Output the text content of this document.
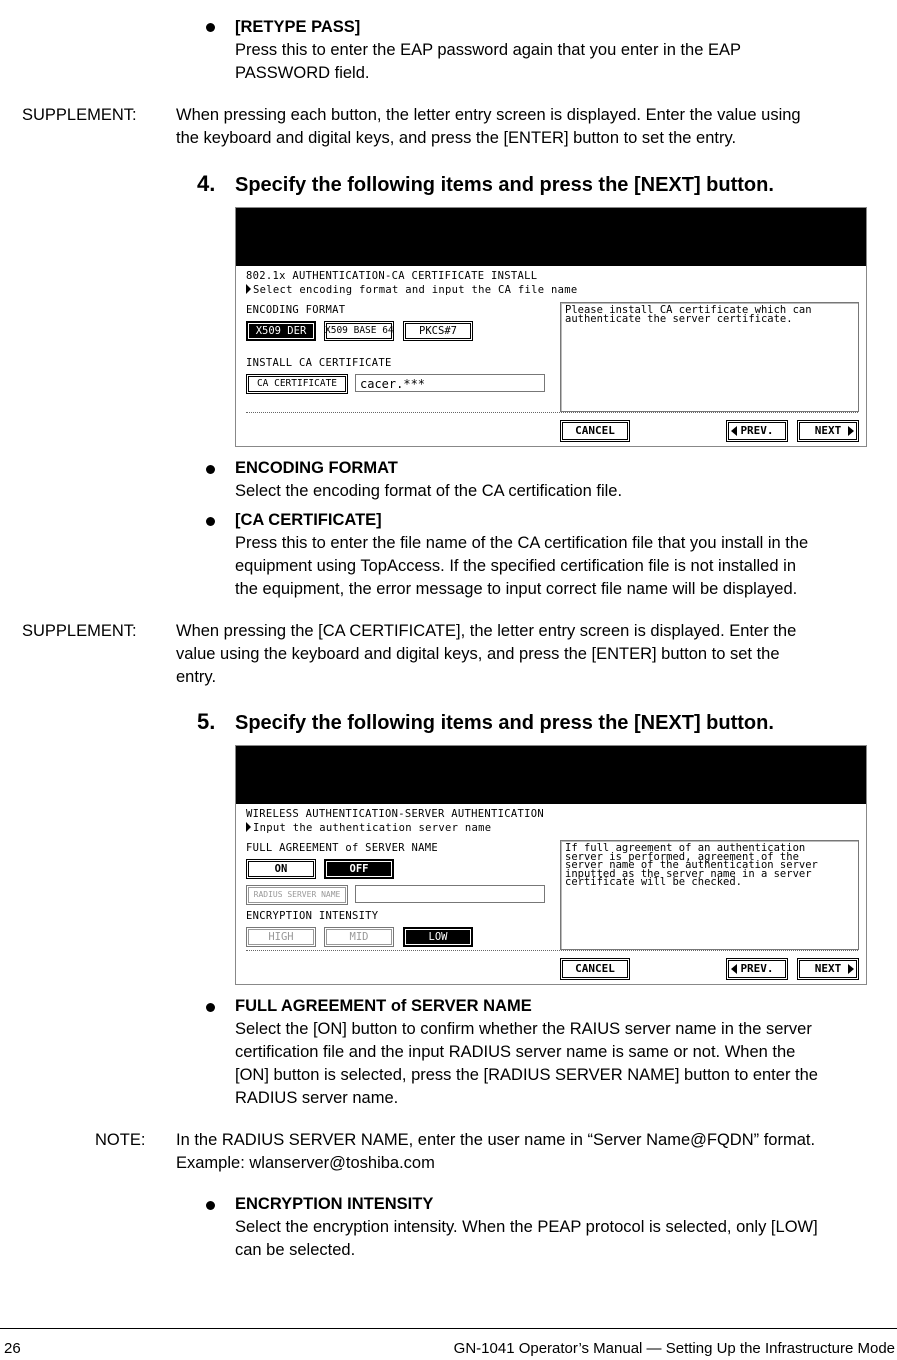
[RETYPE PASS]
Press this to enter the EAP password again that you enter in the EAP
PASSWORD field.
SUPPLEMENT: When pressing each button, the letter entry screen is displayed. Enter the value using
the keyboard and digital keys, and press the [ENTER] button to set the entry.
4. Specify the following items and press the [NEXT] button.
802.1x AUTHENTICATION-CA CERTIFICATE INSTALL
Select encoding format and input the CA file name
ENCODING FORMAT
X509 DER	X509 BASE 64	PKCS#7
INSTALL CA CERTIFICATE
CA CERTIFICATE	cacer.***
Please install CA certificate which can
authenticate the server certificate.
CANCEL	PREV.	NEXT
ENCODING FORMAT
Select the encoding format of the CA certification file.
[CA CERTIFICATE]
Press this to enter the file name of the CA certification file that you install in the
equipment using TopAccess. If the specified certification file is not installed in
the equipment, the error message to input correct file name will be displayed.
SUPPLEMENT: When pressing the [CA CERTIFICATE], the letter entry screen is displayed. Enter the
value using the keyboard and digital keys, and press the [ENTER] button to set the
entry.
5. Specify the following items and press the [NEXT] button.
WIRELESS AUTHENTICATION-SERVER AUTHENTICATION
Input the authentication server name
FULL AGREEMENT of SERVER NAME
ON	OFF
RADIUS SERVER NAME
ENCRYPTION INTENSITY
HIGH	MID	LOW
If full agreement of an authentication
server is performed, agreement of the
server name of the authentication server
inputted as the server name in a server
certificate will be checked.
CANCEL	PREV.	NEXT
FULL AGREEMENT of SERVER NAME
Select the [ON] button to confirm whether the RAIUS server name in the server
certification file and the input RADIUS server name is same or not. When the
[ON] button is selected, press the [RADIUS SERVER NAME] button to enter the
RADIUS server name.
NOTE: In the RADIUS SERVER NAME, enter the user name in “Server Name@FQDN” format.
Example: wlanserver@toshiba.com
ENCRYPTION INTENSITY
Select the encryption intensity. When the PEAP protocol is selected, only [LOW]
can be selected.
26	GN-1041 Operator’s Manual — Setting Up the Infrastructure Mode
